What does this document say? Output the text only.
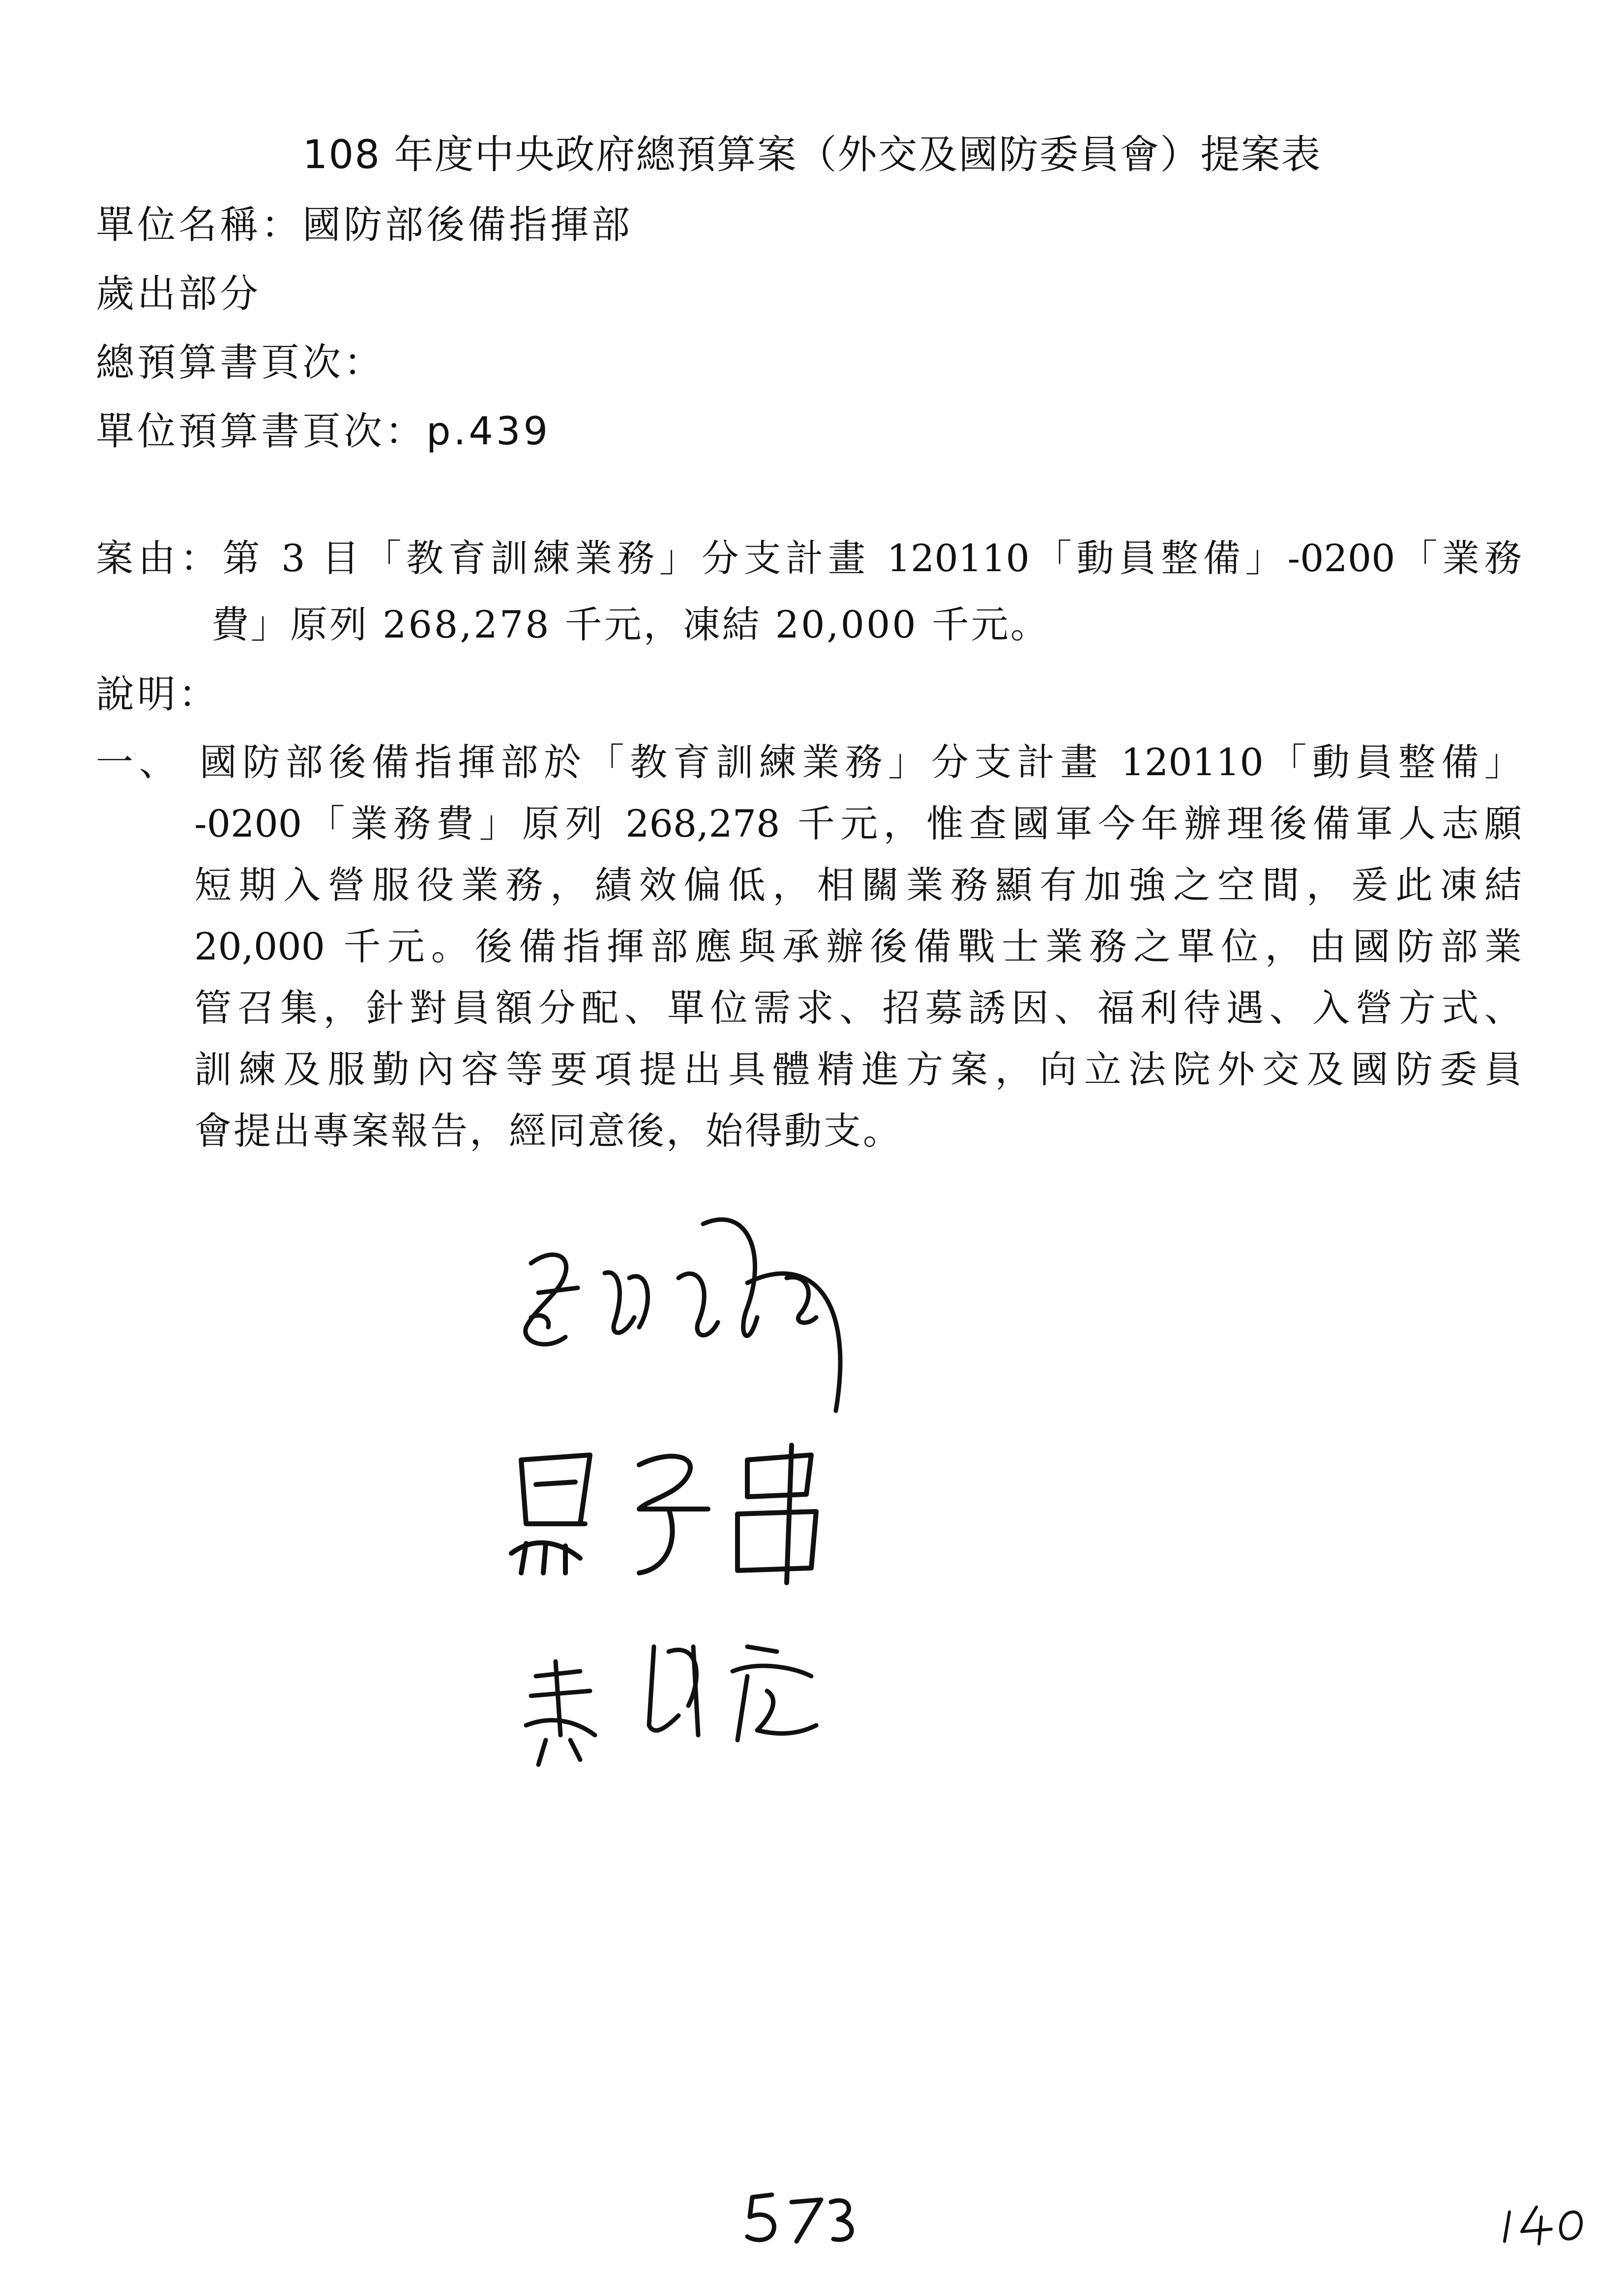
108 年度中央政府總預算案（外交及國防委員會）提案表
單位名稱：國防部後備指揮部
歲出部分
總預算書頁次：
單位預算書頁次：p.439
案由：第 3 目「教育訓練業務」分支計畫 120110「動員整備」-0200「業務
費」原列 268,278 千元，凍結 20,000 千元。
說明：
一、 國防部後備指揮部於「教育訓練業務」分支計畫 120110「動員整備」
-0200「業務費」原列 268,278 千元，惟查國軍今年辦理後備軍人志願
短期入營服役業務，績效偏低，相關業務顯有加強之空間，爰此凍結
20,000 千元。後備指揮部應與承辦後備戰士業務之單位，由國防部業
管召集，針對員額分配、單位需求、招募誘因、福利待遇、入營方式、
訓練及服勤內容等要項提出具體精進方案，向立法院外交及國防委員
會提出專案報告，經同意後，始得動支。
